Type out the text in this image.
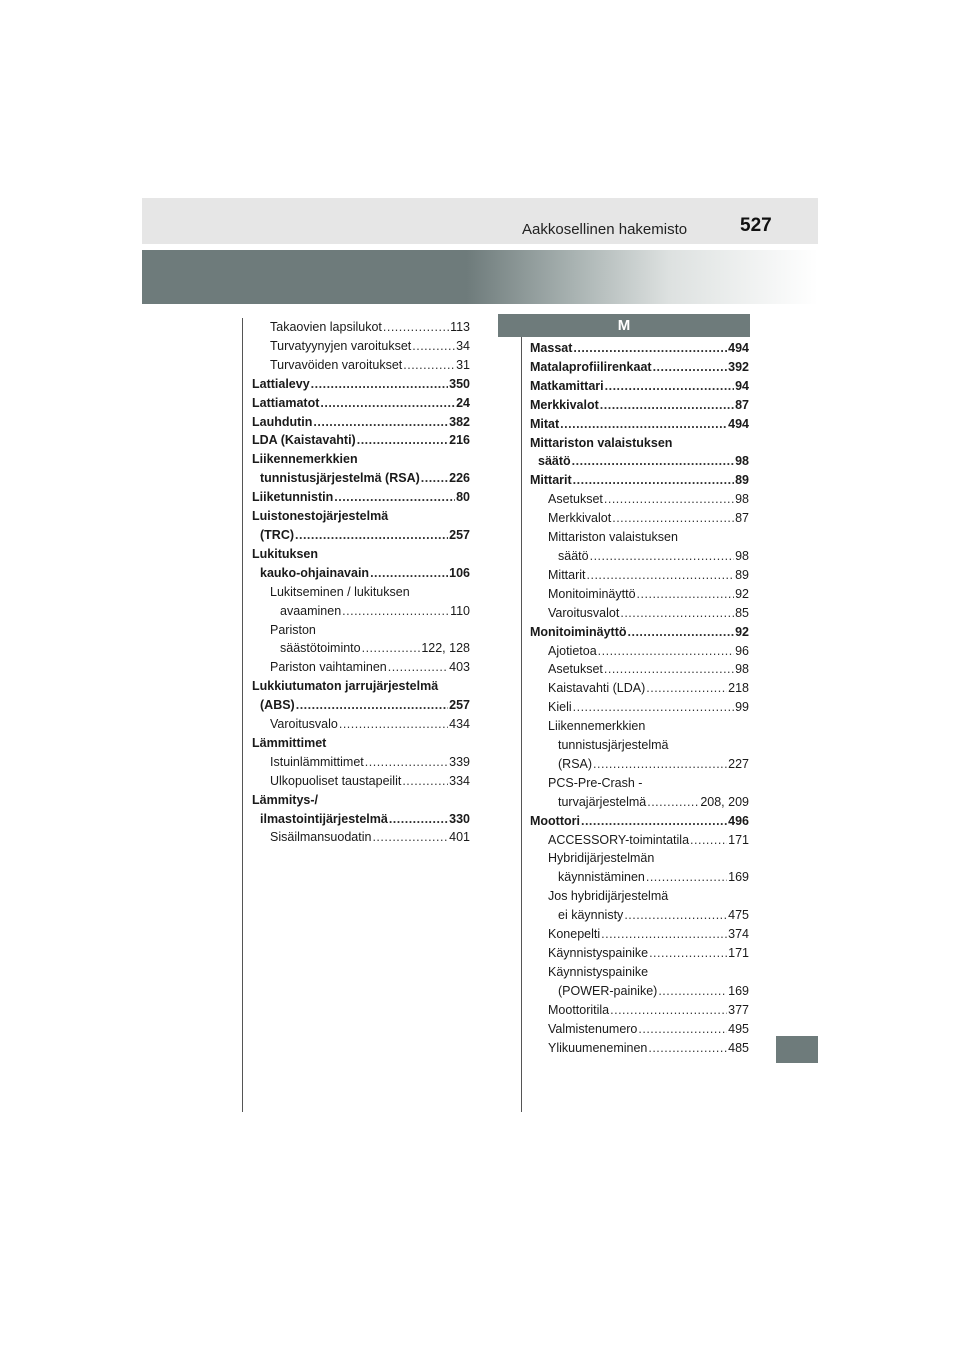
Aakkosellinen hakemisto	527
M
Takaovien lapsilukot .....	113
Turvatyynyjen varoitukset .....	34
Turvavöiden varoitukset .....	31
Lattialevy .....	350
Lattiamatot .....	24
Lauhdutin .....	382
LDA (Kaistavahti) .....	216
Liikennemerkkien
tunnistusjärjestelmä (RSA) ..... 226
Liiketunnistin .....	80
Luistonestojärjestelmä
(TRC) .....	257
Lukituksen
kauko-ohjainavain .....	106
Lukitseminen / lukituksen
avaaminen .....	110
Pariston
säästötoiminto .....	122, 128
Pariston vaihtaminen .....	403
Lukkiutumaton jarrujärjestelmä
(ABS) .....	257
Varoitusvalo .....	434
Lämmittimet
Istuinlämmittimet .....	339
Ulkopuoliset taustapeilit .....	334
Lämmitys-/
ilmastointijärjestelmä .....	330
Sisäilmansuodatin .....	401
Massat .....	494
Matalaprofiilirenkaat .....	392
Matkamittari .....	94
Merkkivalot .....	87
Mitat .....	494
Mittariston valaistuksen
säätö .....	98
Mittarit .....	89
Asetukset .....	98
Merkkivalot .....	87
Mittariston valaistuksen
säätö .....	98
Mittarit .....	89
Monitoiminäyttö .....	92
Varoitusvalot .....	85
Monitoiminäyttö .....	92
Ajotietoa .....	96
Asetukset .....	98
Kaistavahti (LDA) .....	218
Kieli .....	99
Liikennemerkkien
tunnistusjärjestelmä
(RSA) .....	227
PCS-Pre-Crash -
turvajärjestelmä .....	208, 209
Moottori .....	496
ACCESSORY-toimintatila .....	171
Hybridijärjestelmän
käynnistäminen .....	169
Jos hybridijärjestelmä
ei käynnisty .....	475
Konepelti .....	374
Käynnistyspainike .....	171
Käynnistyspainike
(POWER-painike) .....	169
Moottoritila .....	377
Valmistenumero .....	495
Ylikuumeneminen .....	485
